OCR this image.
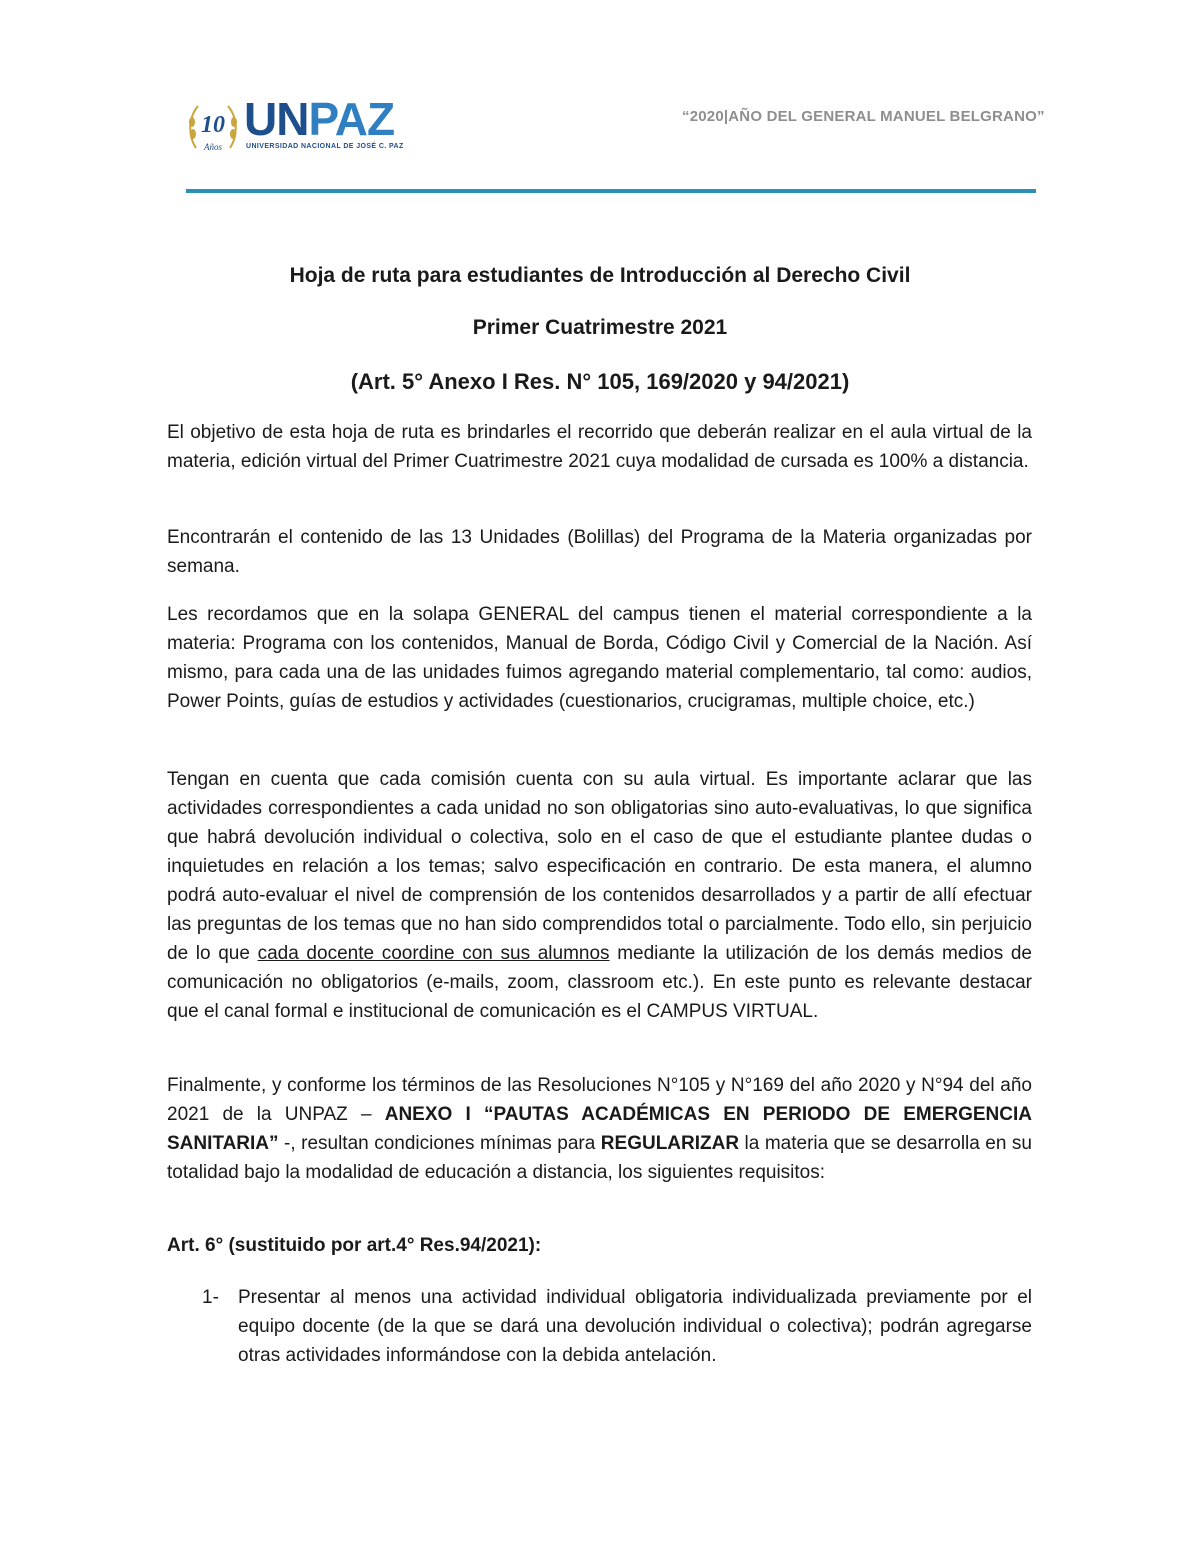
10
Años
UNPAZ
UNIVERSIDAD NACIONAL DE JOSÉ C. PAZ
“2020|AÑO DEL GENERAL MANUEL BELGRANO”
Hoja de ruta para estudiantes de Introducción al Derecho Civil
Primer Cuatrimestre 2021
(Art. 5° Anexo I Res. N° 105, 169/2020 y 94/2021)

El objetivo de esta hoja de ruta es brindarles el recorrido que deberán realizar en el aula virtual de la materia, edición virtual del Primer Cuatrimestre 2021 cuya modalidad de cursada es 100% a distancia.

Encontrarán el contenido de las 13 Unidades (Bolillas) del Programa de la Materia organizadas por semana.

Les recordamos que en la solapa GENERAL del campus tienen el material correspondiente a la materia: Programa con los contenidos, Manual de Borda, Código Civil y Comercial de la Nación. Así mismo, para cada una de las unidades fuimos agregando material complementario, tal como: audios, Power Points, guías de estudios y actividades (cuestionarios, crucigramas, multiple choice, etc.)

Tengan en cuenta que cada comisión cuenta con su aula virtual. Es importante aclarar que las actividades correspondientes a cada unidad no son obligatorias sino auto-evaluativas, lo que significa que habrá devolución individual o colectiva, solo en el caso de que el estudiante plantee dudas o inquietudes en relación a los temas; salvo especificación en contrario. De esta manera, el alumno podrá auto-evaluar el nivel de comprensión de los contenidos desarrollados y a partir de allí efectuar las preguntas de los temas que no han sido comprendidos total o parcialmente. Todo ello, sin perjuicio de lo que cada docente coordine con sus alumnos mediante la utilización de los demás medios de comunicación no obligatorios (e-mails, zoom, classroom etc.). En este punto es relevante destacar que el canal formal e institucional de comunicación es el CAMPUS VIRTUAL.

Finalmente, y conforme los términos de las Resoluciones N°105 y N°169 del año 2020 y N°94 del año 2021 de la UNPAZ – ANEXO I “PAUTAS ACADÉMICAS EN PERIODO DE EMERGENCIA SANITARIA” -, resultan condiciones mínimas para REGULARIZAR la materia que se desarrolla en su totalidad bajo la modalidad de educación a distancia, los siguientes requisitos:

Art. 6° (sustituido por art.4° Res.94/2021):
1- Presentar al menos una actividad individual obligatoria individualizada previamente por el equipo docente (de la que se dará una devolución individual o colectiva); podrán agregarse otras actividades informándose con la debida antelación.
